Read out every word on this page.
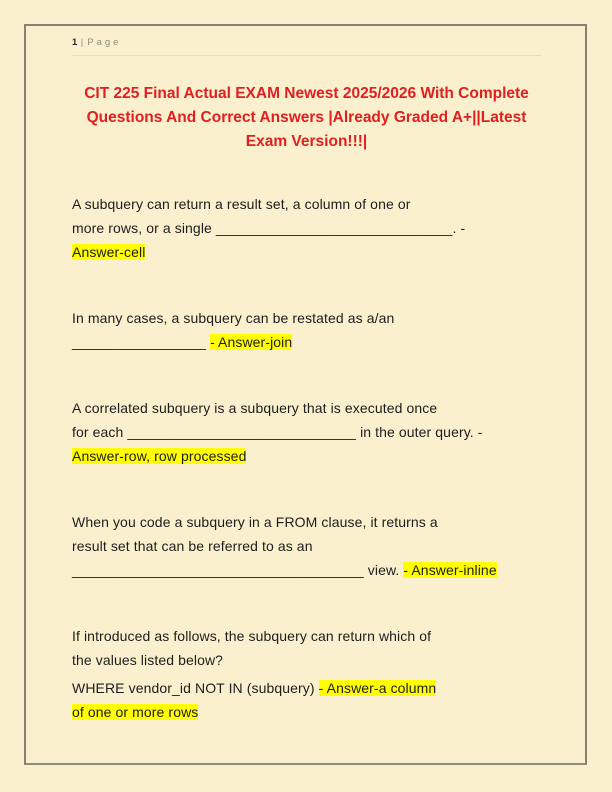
1 | Page
CIT 225 Final Actual EXAM Newest 2025/2026 With Complete Questions And Correct Answers |Already Graded A+||Latest Exam Version!!!|

A subquery can return a result set, a column of one or
more rows, or a single ______________________________. -
Answer-cell

In many cases, a subquery can be restated as a/an
_________________ - Answer-join

A correlated subquery is a subquery that is executed once
for each _____________________________ in the outer query. -
Answer-row, row processed

When you code a subquery in a FROM clause, it returns a
result set that can be referred to as an
_____________________________________ view. - Answer-inline

If introduced as follows, the subquery can return which of
the values listed below?

WHERE vendor_id NOT IN (subquery) - Answer-a column
of one or more rows
